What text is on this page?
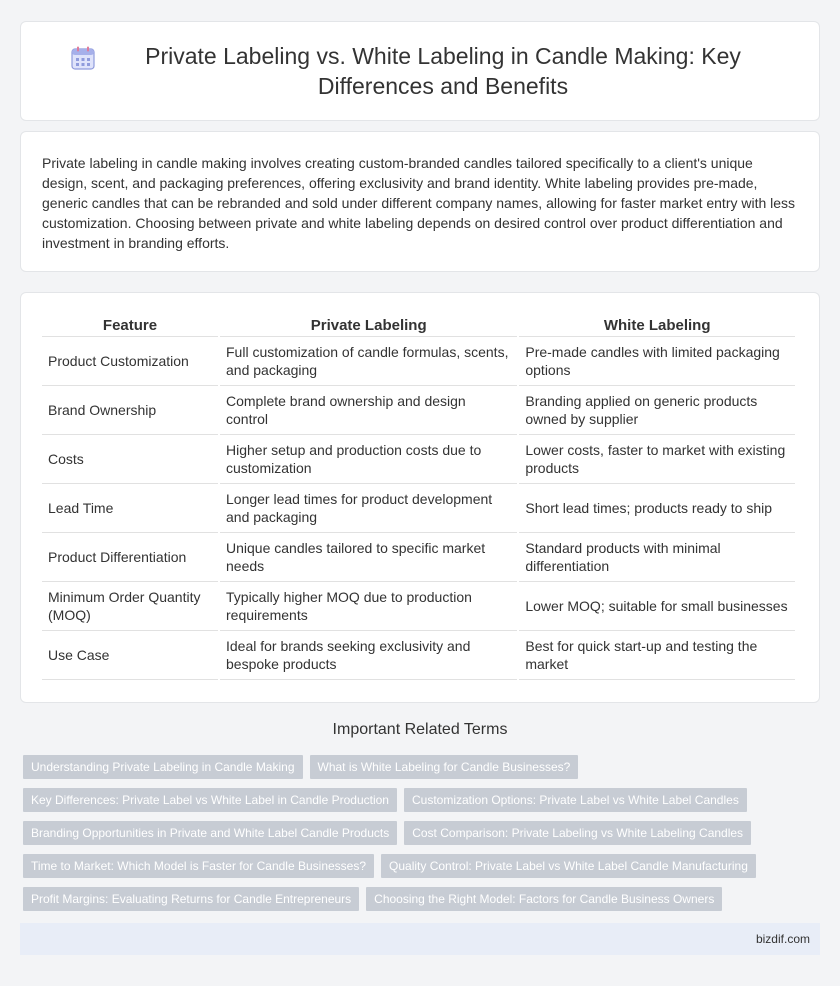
Private Labeling vs. White Labeling in Candle Making: Key Differences and Benefits

Private labeling in candle making involves creating custom-branded candles tailored specifically to a client's unique design, scent, and packaging preferences, offering exclusivity and brand identity. White labeling provides pre-made, generic candles that can be rebranded and sold under different company names, allowing for faster market entry with less customization. Choosing between private and white labeling depends on desired control over product differentiation and investment in branding efforts.

Feature	Private Labeling	White Labeling
Product Customization	Full customization of candle formulas, scents, and packaging	Pre-made candles with limited packaging options
Brand Ownership	Complete brand ownership and design control	Branding applied on generic products owned by supplier
Costs	Higher setup and production costs due to customization	Lower costs, faster to market with existing products
Lead Time	Longer lead times for product development and packaging	Short lead times; products ready to ship
Product Differentiation	Unique candles tailored to specific market needs	Standard products with minimal differentiation
Minimum Order Quantity (MOQ)	Typically higher MOQ due to production requirements	Lower MOQ; suitable for small businesses
Use Case	Ideal for brands seeking exclusivity and bespoke products	Best for quick start-up and testing the market
Important Related Terms
Understanding Private Labeling in Candle Making	What is White Labeling for Candle Businesses?
Key Differences: Private Label vs White Label in Candle Production	Customization Options: Private Label vs White Label Candles
Branding Opportunities in Private and White Label Candle Products	Cost Comparison: Private Labeling vs White Labeling Candles
Time to Market: Which Model is Faster for Candle Businesses?	Quality Control: Private Label vs White Label Candle Manufacturing
Profit Margins: Evaluating Returns for Candle Entrepreneurs	Choosing the Right Model: Factors for Candle Business Owners
bizdif.com
